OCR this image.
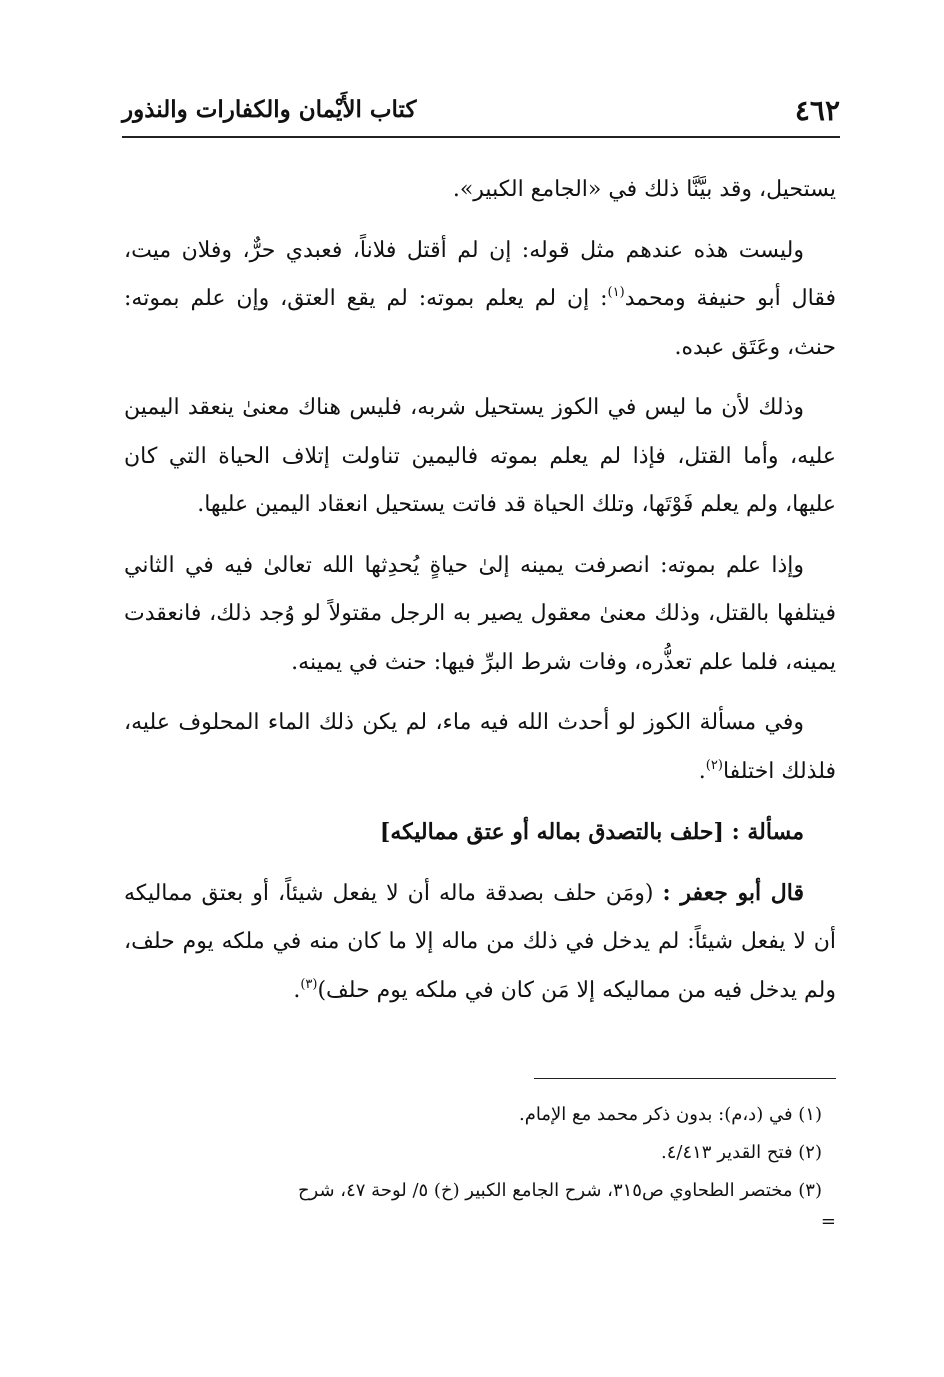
٤٦٢
كتاب الأَيْمان والكفارات والنذور

يستحيل، وقد بيَّنَّا ذلك في «الجامع الكبير».

وليست هذه عندهم مثل قوله: إن لم أقتل فلاناً، فعبدي حرٌّ، وفلان ميت، فقال أبو حنيفة ومحمد$^{(١)}$: إن لم يعلم بموته: لم يقع العتق، وإن علم بموته: حنث، وعَتَق عبده.

وذلك لأن ما ليس في الكوز يستحيل شربه، فليس هناك معنىٰ ينعقد اليمين عليه، وأما القتل، فإذا لم يعلم بموته فاليمين تناولت إتلاف الحياة التي كان عليها، ولم يعلم فَوْتَها، وتلك الحياة قد فاتت يستحيل انعقاد اليمين عليها.

وإذا علم بموته: انصرفت يمينه إلىٰ حياةٍ يُحدِثها الله تعالىٰ فيه في الثاني فيتلفها بالقتل، وذلك معنىٰ معقول يصير به الرجل مقتولاً لو وُجد ذلك، فانعقدت يمينه، فلما علم تعذُّره، وفات شرط البرِّ فيها: حنث في يمينه.

وفي مسألة الكوز لو أحدث الله فيه ماء، لم يكن ذلك الماء المحلوف عليه، فلذلك اختلفا$^{(٢)}$.

مسألة : [حلف بالتصدق بماله أو عتق مماليكه]

قال أبو جعفر : (ومَن حلف بصدقة ماله أن لا يفعل شيئاً، أو بعتق مماليكه أن لا يفعل شيئاً: لم يدخل في ذلك من ماله إلا ما كان منه في ملكه يوم حلف، ولم يدخل فيه من مماليكه إلا مَن كان في ملكه يوم حلف)$^{(٣)}$.

(١) في (د،م): بدون ذكر محمد مع الإمام.

(٢) فتح القدير ٤/٤١٣.

(٣) مختصر الطحاوي ص٣١٥، شرح الجامع الكبير (خ) ٥/ لوحة ٤٧، شرح

=
